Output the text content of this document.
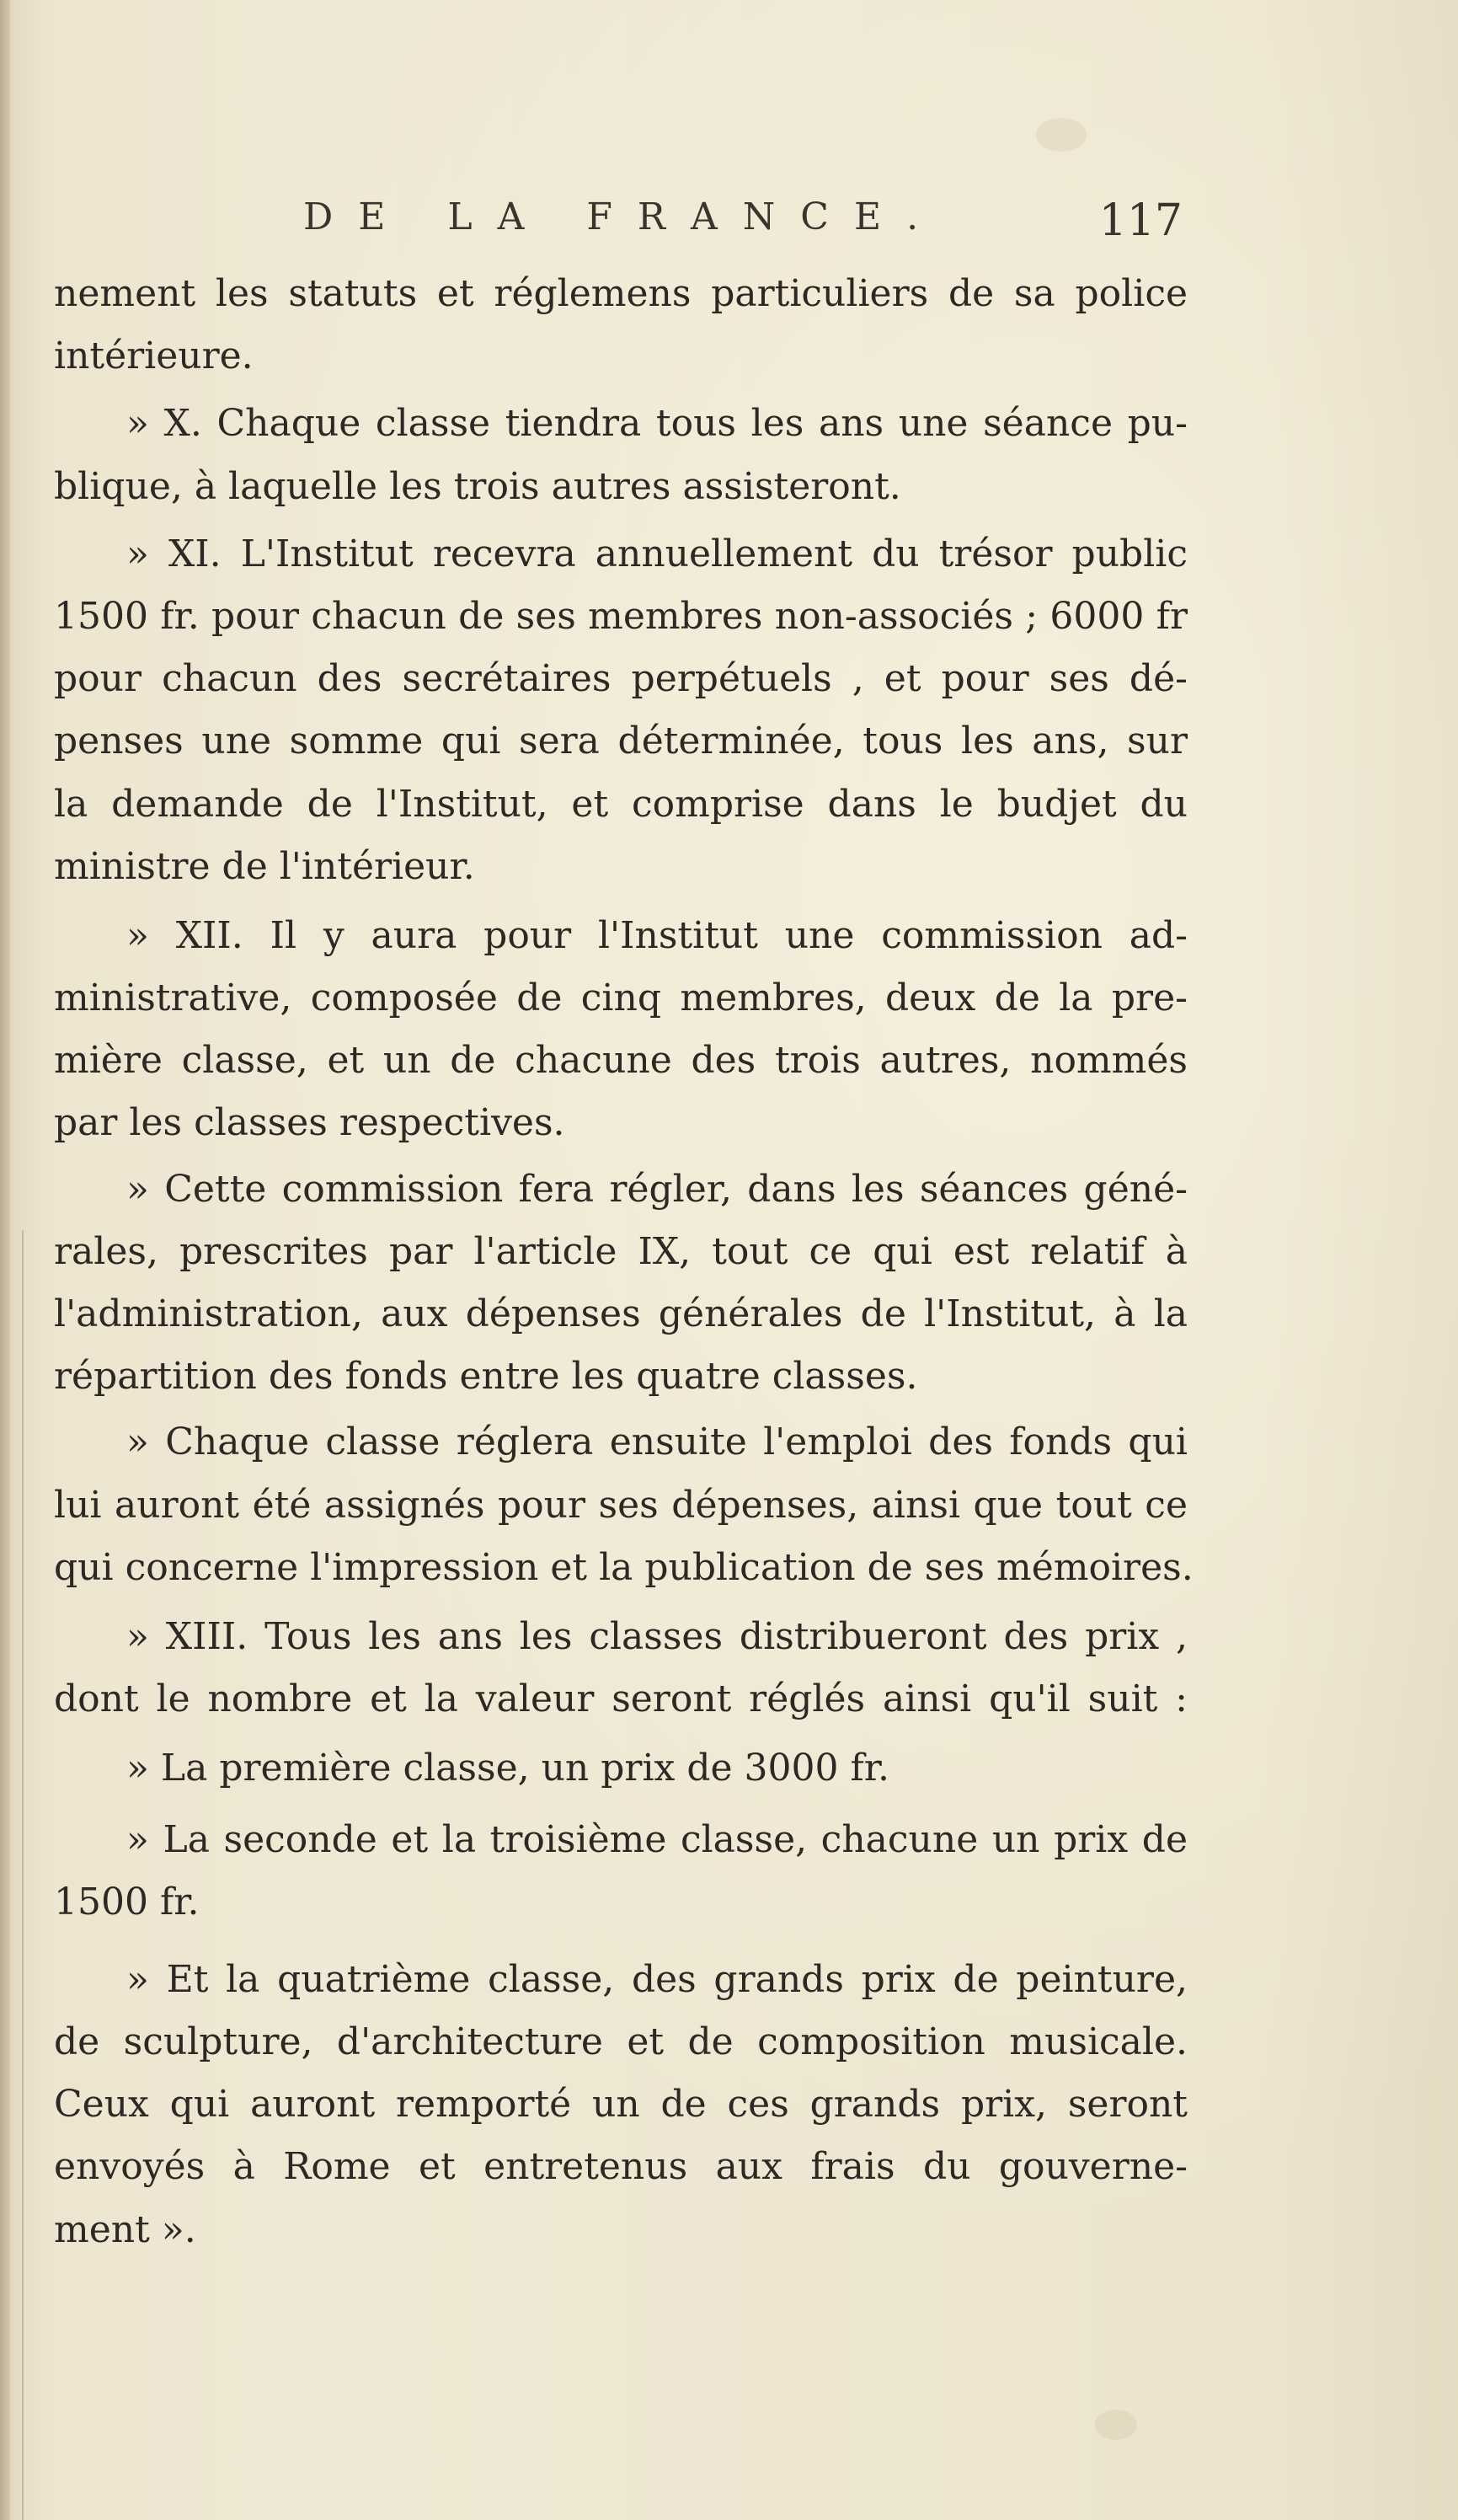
DE LA FRANCE.	117
nement les statuts et réglemens particuliers de sa police
intérieure.
» X. Chaque classe tiendra tous les ans une séance pu-
blique, à laquelle les trois autres assisteront.
» XI. L'Institut recevra annuellement du trésor public
1500 fr. pour chacun de ses membres non-associés ; 6000 fr
pour chacun des secrétaires perpétuels , et pour ses dé-
penses une somme qui sera déterminée, tous les ans, sur
la demande de l'Institut, et comprise dans le budjet du
ministre de l'intérieur.
» XII. Il y aura pour l'Institut une commission ad-
ministrative, composée de cinq membres, deux de la pre-
mière classe, et un de chacune des trois autres, nommés
par les classes respectives.
» Cette commission fera régler, dans les séances géné-
rales, prescrites par l'article IX, tout ce qui est relatif à
l'administration, aux dépenses générales de l'Institut, à la
répartition des fonds entre les quatre classes.
» Chaque classe réglera ensuite l'emploi des fonds qui
lui auront été assignés pour ses dépenses, ainsi que tout ce
qui concerne l'impression et la publication de ses mémoires.
» XIII. Tous les ans les classes distribueront des prix ,
dont le nombre et la valeur seront réglés ainsi qu'il suit :
» La première classe, un prix de 3000 fr.
» La seconde et la troisième classe, chacune un prix de
1500 fr.
» Et la quatrième classe, des grands prix de peinture,
de sculpture, d'architecture et de composition musicale.
Ceux qui auront remporté un de ces grands prix, seront
envoyés à Rome et entretenus aux frais du gouverne-
ment ».
